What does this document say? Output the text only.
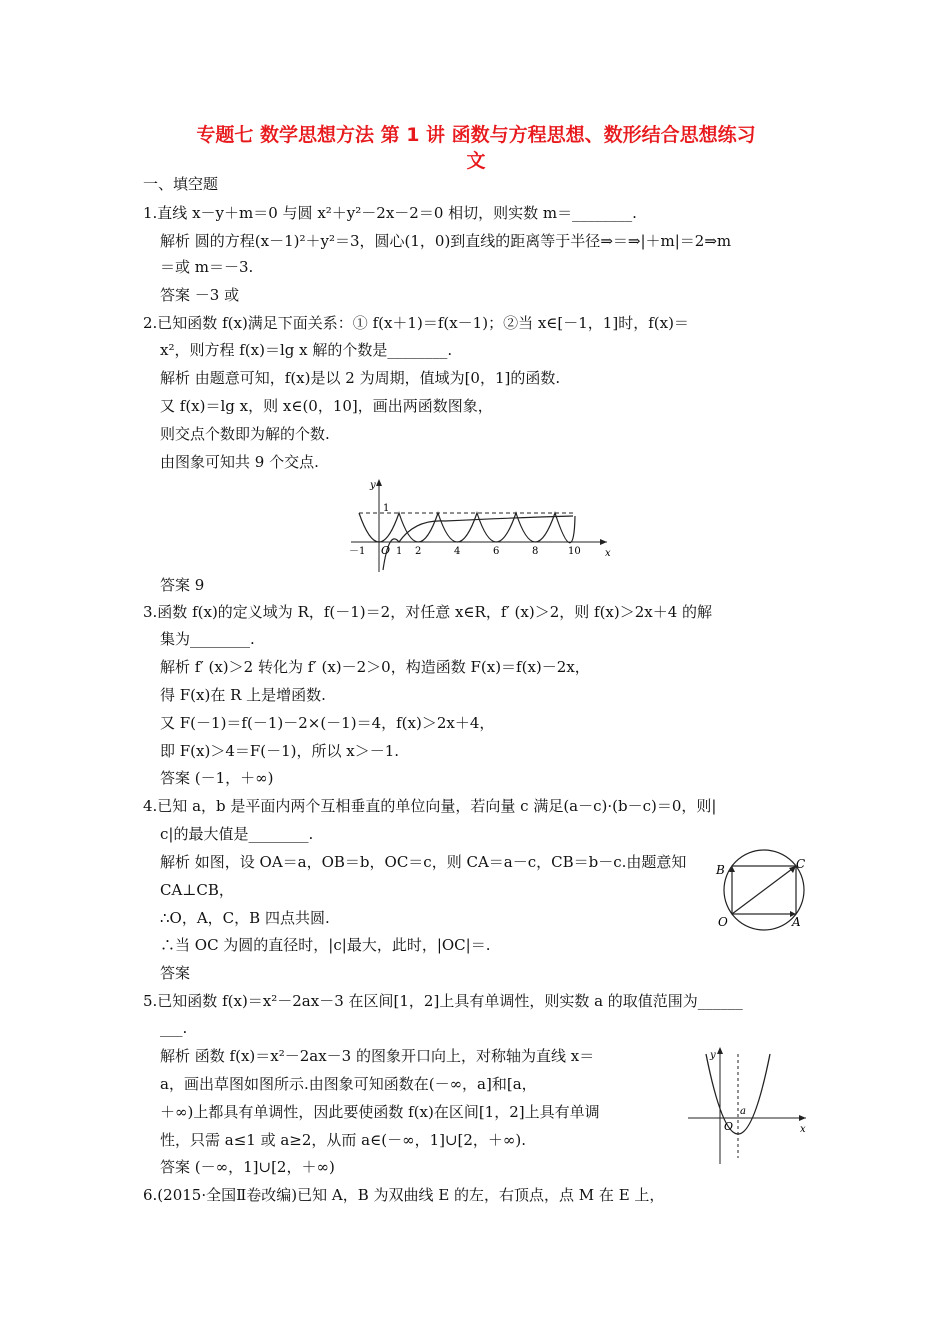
专题七 数学思想方法 第 1 讲 函数与方程思想、数形结合思想练习
文
一、填空题
1.直线 x－y＋m＝0 与圆 x²＋y²－2x－2＝0 相切，则实数 m＝________.
解析 圆的方程(x－1)²＋y²＝3，圆心(1，0)到直线的距离等于半径⇒＝⇒|＋m|＝2⇒m
＝或 m＝－3.
答案 －3 或
2.已知函数 f(x)满足下面关系：① f(x＋1)＝f(x－1)；②当 x∈[－1，1]时，f(x)＝
x²，则方程 f(x)＝lg x 解的个数是________.
解析 由题意可知，f(x)是以 2 为周期，值域为[0，1]的函数.
又 f(x)＝lg x，则 x∈(0，10]，画出两函数图象，
则交点个数即为解的个数.
由图象可知共 9 个交点.
y
x
O
1
－1	1 2	4	6	8	10
答案 9
3.函数 f(x)的定义域为 R，f(－1)＝2，对任意 x∈R，f′ (x)＞2，则 f(x)＞2x＋4 的解
集为________.
解析 f′ (x)＞2 转化为 f′ (x)－2＞0，构造函数 F(x)＝f(x)－2x，
得 F(x)在 R 上是增函数.
又 F(－1)＝f(－1)－2×(－1)＝4，f(x)＞2x＋4，
即 F(x)＞4＝F(－1)，所以 x＞－1.
答案 (－1，＋∞)
4.已知 a，b 是平面内两个互相垂直的单位向量，若向量 c 满足(a－c)·(b－c)＝0，则|
c|的最大值是________.
解析 如图，设 OA＝a，OB＝b，OC＝c，则 CA＝a－c，CB＝b－c.由题意知
CA⊥CB，
∴O，A，C，B 四点共圆.
∴当 OC 为圆的直径时，|c|最大，此时，|OC|＝.
答案
B	C
O	A
5.已知函数 f(x)＝x²－2ax－3 在区间[1，2]上具有单调性，则实数 a 的取值范围为______
___.
解析 函数 f(x)＝x²－2ax－3 的图象开口向上，对称轴为直线 x＝
a，画出草图如图所示.由图象可知函数在(－∞，a]和[a，
＋∞)上都具有单调性，因此要使函数 f(x)在区间[1，2]上具有单调
性，只需 a≤1 或 a≥2，从而 a∈(－∞，1]∪[2，＋∞).
答案 (－∞，1]∪[2，＋∞)
y
x
O
a
6.(2015·全国Ⅱ卷改编)已知 A，B 为双曲线 E 的左，右顶点，点 M 在 E 上，
